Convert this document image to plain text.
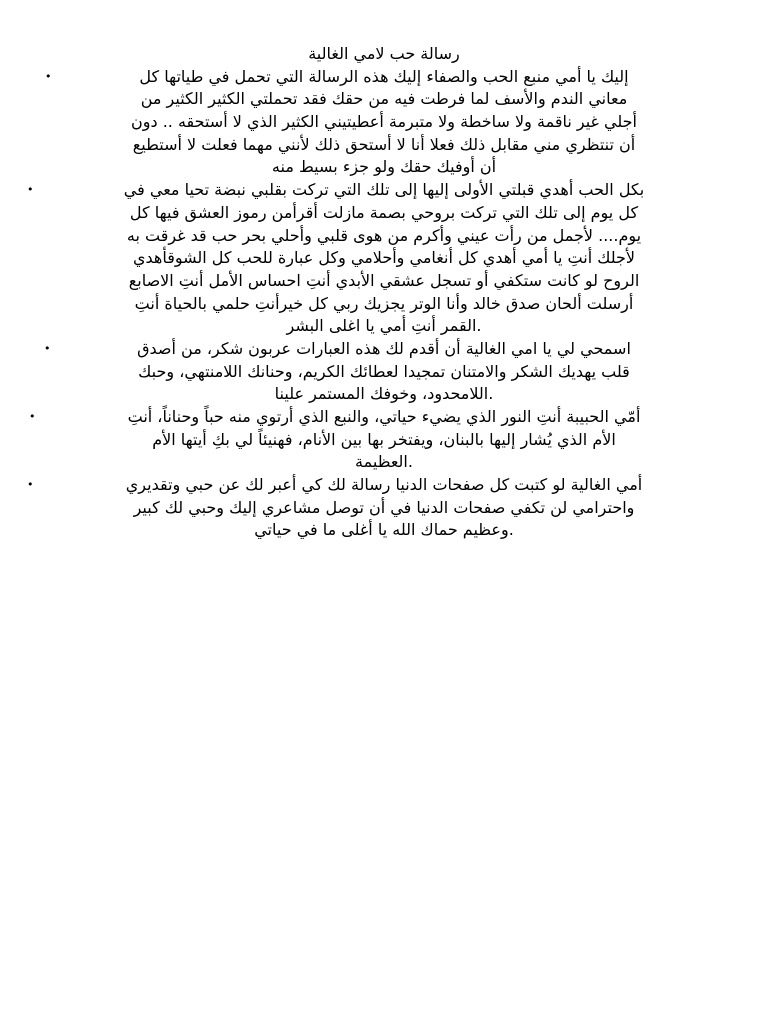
رسالة حب لامي الغالية
•	إليك يا أمي منبع الحب والصفاء إليك هذه الرسالة التي تحمل في طياتها كل
معاني الندم والأسف لما فرطت فيه من حقك فقد تحملتي الكثير الكثير من
أجلي غير ناقمة ولا ساخطة ولا متبرمة أعطيتيني الكثير الذي لا أستحقه .. دون
أن تنتظري مني مقابل ذلك فعلا أنا لا أستحق ذلك لأنني مهما فعلت لا أستطيع
أن أوفيك حقك ولو جزء بسيط منه
•	بكل الحب أهدي قبلتي الأولى إليها إلى تلك التي تركت بقلبي نبضة تحيا معي في
كل يوم إلى تلك التي تركت بروحي بصمة مازلت أقرأمن رموز العشق فيها كل
يوم.... لأجمل من رأت عيني وأكرم من هوى قلبي وأحلي بحر حب قد غرقت به
لأجلك أنتِ يا أمي أهدي كل أنغامي وأحلامي وكل عبارة للحب كل الشوقأهدي
الروح لو كانت ستكفي أو تسجل عشقي الأبدي أنتِ احساس الأمل أنتِ الاصابع
أرسلت ألحان صدق خالد وأنا الوتر يجزيك ربي كل خيرأنتِ حلمي بالحياة أنتِ
القمر أنتِ أمي يا اغلى البشر.
•	اسمحي لي يا امي الغالية أن أقدم لك هذه العبارات عربون شكر، من أصدق
قلب يهديك الشكر والامتنان تمجيدا لعطائك الكريم، وحنانك اللامنتهي، وحبك
اللامحدود، وخوفك المستمر علينا.
•	أمّي الحبيبة أنتِ النور الذي يضيء حياتي، والنبع الذي أرتوي منه حباً وحناناً، أنتِ
الأم الذي يُشار إليها بالبنان، ويفتخر بها بين الأنام، فهنيئاً لي بكِ أيتها الأم
العظيمة.
•	أمي الغالية لو كتبت كل صفحات الدنيا رسالة لك كي أعبر لك عن حبي وتقديري
واحترامي لن تكفي صفحات الدنيا في أن توصل مشاعري إليك وحبي لك كبير
وعظيم حماك الله يا أغلى ما في حياتي.
